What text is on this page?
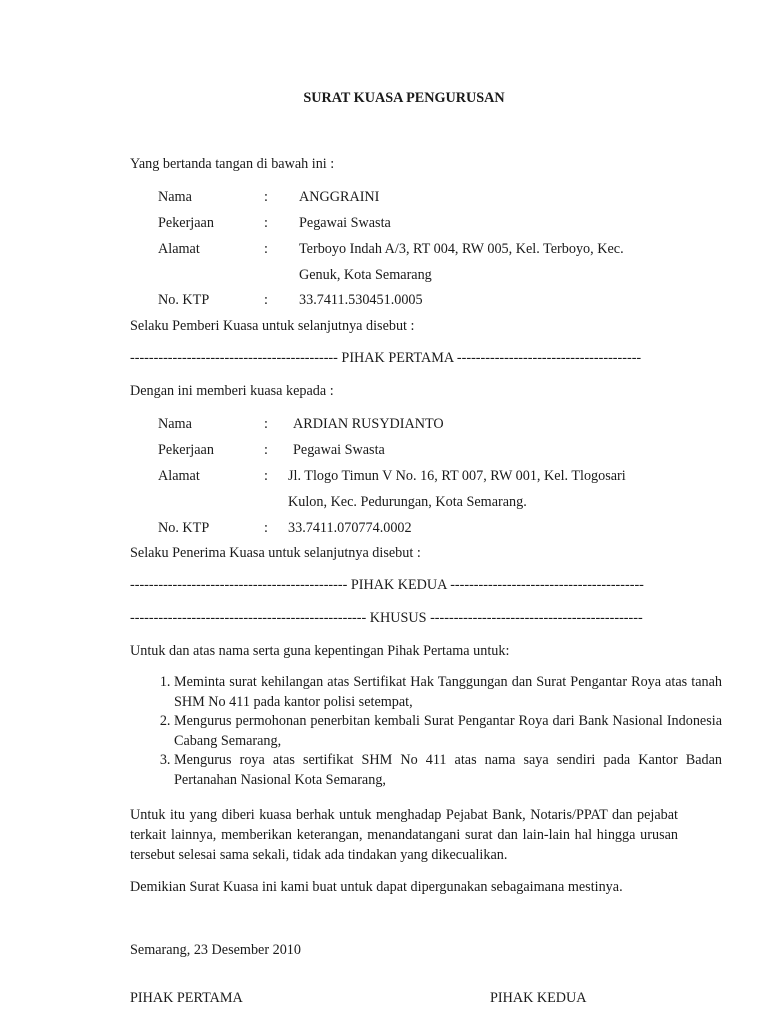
SURAT KUASA PENGURUSAN
Yang bertanda tangan di bawah ini :
Nama	: ANGGRAINI
Pekerjaan	: Pegawai Swasta
Alamat	: Terboyo Indah A/3, RT 004, RW 005, Kel. Terboyo, Kec.
Genuk, Kota Semarang
No. KTP	: 33.7411.530451.0005
Selaku Pemberi Kuasa untuk selanjutnya disebut :
-------------------------------------------- PIHAK PERTAMA ---------------------------------------
Dengan ini memberi kuasa kepada :
Nama	: ARDIAN RUSYDIANTO
Pekerjaan	: Pegawai Swasta
Alamat	: Jl. Tlogo Timun V No. 16, RT 007, RW 001, Kel. Tlogosari
Kulon, Kec. Pedurungan, Kota Semarang.
No. KTP	: 33.7411.070774.0002
Selaku Penerima Kuasa untuk selanjutnya disebut :
---------------------------------------------- PIHAK KEDUA -----------------------------------------
-------------------------------------------------- KHUSUS ---------------------------------------------
Untuk dan atas nama serta guna kepentingan Pihak Pertama untuk:
1. Meminta surat kehilangan atas Sertifikat Hak Tanggungan dan Surat Pengantar Roya atas tanah SHM No 411 pada kantor polisi setempat,
2. Mengurus permohonan penerbitan kembali Surat Pengantar Roya dari Bank Nasional Indonesia Cabang Semarang,
3. Mengurus roya atas sertifikat SHM No 411 atas nama saya sendiri pada Kantor Badan Pertanahan Nasional Kota Semarang,
Untuk itu yang diberi kuasa berhak untuk menghadap Pejabat Bank, Notaris/PPAT dan pejabat terkait lainnya, memberikan keterangan, menandatangani surat dan lain-lain hal hingga urusan tersebut selesai sama sekali, tidak ada tindakan yang dikecualikan.
Demikian Surat Kuasa ini kami buat untuk dapat dipergunakan sebagaimana mestinya.
Semarang, 23 Desember 2010
PIHAK PERTAMA	PIHAK KEDUA
